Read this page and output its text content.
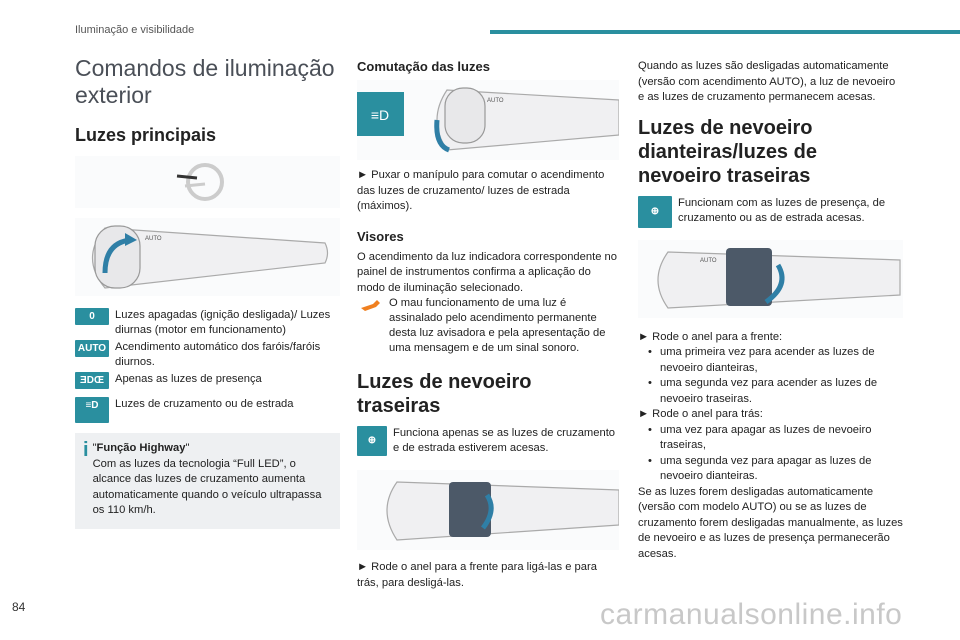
Iluminação e visibilidade
Comandos de iluminação exterior
Luzes principais
AUTO
0	Luzes apagadas (ignição desligada)/ Luzes diurnas (motor em funcionamento)

AUTO Acendimento automático dos faróis/faróis diurnos.

ƎDŒ Apenas as luzes de presença

≡D	Luzes de cruzamento ou de estrada

i "Função Highway"

Com as luzes da tecnologia “Full LED”, o alcance das luzes de cruzamento aumenta automaticamente quando o veículo ultrapassa os 110 km/h.

Comutação das luzes
≡D
AUTO

► Puxar o manípulo para comutar o acendimento das luzes de cruzamento/ luzes de estrada (máximos).

Visores

O acendimento da luz indicadora correspondente no painel de instrumentos confirma a aplicação do modo de iluminação selecionado.

O mau funcionamento de uma luz é assinalado pelo acendimento permanente desta luz avisadora e pela apresentação de uma mensagem e de um sinal sonoro.

Luzes de nevoeiro traseiras
⊕

Funciona apenas se as luzes de cruzamento e de estrada estiverem acesas.

► Rode o anel para a frente para ligá-las e para trás, para desligá-las.

Quando as luzes são desligadas automaticamente (versão com acendimento AUTO), a luz de nevoeiro e as luzes de cruzamento permanecem acesas.

Luzes de nevoeiro dianteiras/luzes de nevoeiro traseiras
⊕

Funcionam com as luzes de presença, de cruzamento ou as de estrada acesas.

AUTO

► Rode o anel para a frente:

• uma primeira vez para acender as luzes de nevoeiro dianteiras,

• uma segunda vez para acender as luzes de nevoeiro traseiras.

► Rode o anel para trás:

• uma vez para apagar as luzes de nevoeiro traseiras,

• uma segunda vez para apagar as luzes de nevoeiro dianteiras.

Se as luzes forem desligadas automaticamente (versão com modelo AUTO) ou se as luzes de cruzamento forem desligadas manualmente, as luzes de nevoeiro e as luzes de presença permanecerão acesas.

84	carmanualsonline.info
